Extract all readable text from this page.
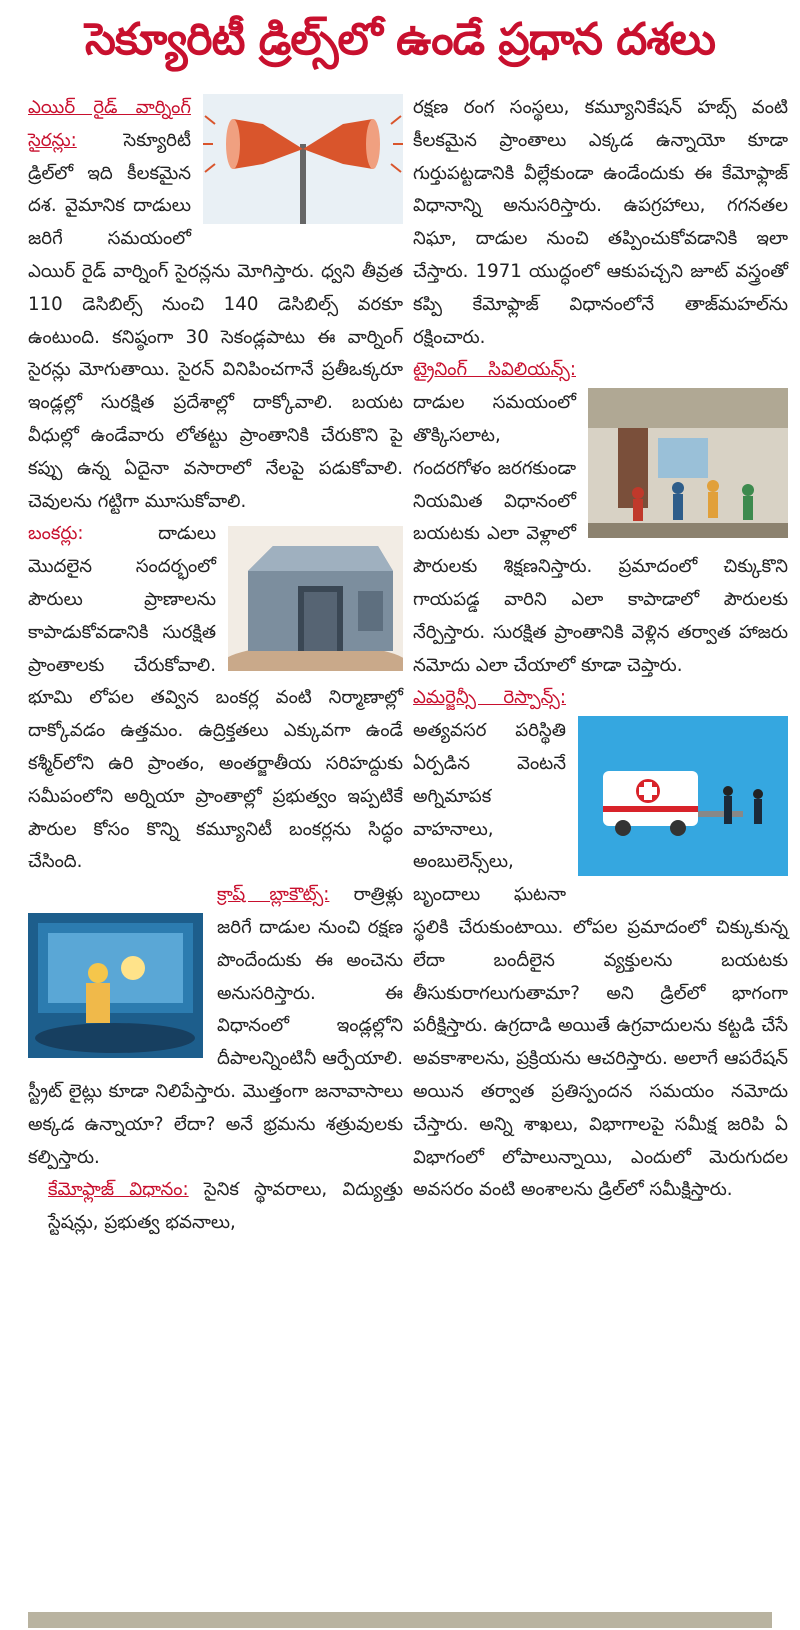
సెక్యూరిటీ డ్రిల్స్‌లో ఉండే ప్రధాన దశలు

ఎయిర్ రైడ్ వార్నింగ్ సైరన్లు:	సెక్యూరిటీ డ్రిల్‌లో ఇది కీలకమైన దశ. వైమానిక దాడులు జరిగే సమయంలో ఎయిర్ రైడ్ వార్నింగ్ సైరన్లను మోగిస్తారు. ధ్వని తీవ్రత 110 డెసిబిల్స్ నుంచి 140 డెసిబిల్స్ వరకూ ఉంటుంది. కనిష్ఠంగా 30 సెకండ్లపాటు ఈ వార్నింగ్ సైరన్లు మోగుతాయి. సైరన్ వినిపించగానే ప్రతీఒక్కరూ ఇండ్లల్లో సురక్షిత ప్రదేశాల్లో దాక్కోవాలి. బయట వీధుల్లో ఉండేవారు లోతట్టు ప్రాంతానికి చేరుకొని పై కప్పు ఉన్న ఏదైనా వసారాలో నేలపై పడుకోవాలి. చెవులను గట్టిగా మూసుకోవాలి.

బంకర్లు:	దాడులు మొదలైన సందర్భంలో పౌరులు ప్రాణాలను కాపాడుకోవడానికి సురక్షిత ప్రాంతాలకు చేరుకోవాలి. భూమి లోపల తవ్విన బంకర్ల వంటి నిర్మాణాల్లో దాక్కోవడం ఉత్తమం. ఉద్రిక్తతలు ఎక్కువగా ఉండే కశ్మీర్‌లోని ఉరి ప్రాంతం, అంతర్జాతీయ సరిహద్దుకు సమీపంలోని అర్నియా ప్రాంతాల్లో ప్రభుత్వం ఇప్పటికే పౌరుల కోసం కొన్ని కమ్యూనిటీ బంకర్లను సిద్ధం చేసింది.

క్రాష్ బ్లాకౌట్స్: రాత్రిళ్లు జరిగే దాడుల నుంచి రక్షణ పొందేందుకు ఈ అంచెను అనుసరిస్తారు. ఈ విధానంలో ఇండ్లల్లోని దీపాలన్నింటినీ ఆర్పేయాలి. స్ట్రీట్ లైట్లు కూడా నిలిపేస్తారు. మొత్తంగా జనావాసాలు అక్కడ ఉన్నాయా? లేదా? అనే భ్రమను శత్రువులకు కల్పిస్తారు.

కేమోఫ్లాజ్ విధానం: సైనిక స్థావరాలు, విద్యుత్తు స్టేషన్లు, ప్రభుత్వ భవనాలు,

రక్షణ రంగ సంస్థలు, కమ్యూనికేషన్ హబ్స్ వంటి కీలకమైన ప్రాంతాలు ఎక్కడ ఉన్నాయో కూడా గుర్తుపట్టడానికి వీల్లేకుండా ఉండేందుకు ఈ కేమోఫ్లాజ్ విధానాన్ని అనుసరిస్తారు. ఉపగ్రహాలు, గగనతల నిఘా, దాడుల నుంచి తప్పించుకోవడానికి ఇలా చేస్తారు. 1971 యుద్ధంలో ఆకుపచ్చని జూట్ వస్త్రంతో కప్పి కేమోఫ్లాజ్ విధానంలోనే తాజ్‌మహల్‌ను రక్షించారు.

ట్రైనింగ్ సివిలియన్స్: దాడుల సమయంలో తొక్కిసలాట, గందరగోళం జరగకుండా నియమిత విధానంలో బయటకు ఎలా వెళ్లాలో పౌరులకు శిక్షణనిస్తారు. ప్రమాదంలో చిక్కుకొని గాయపడ్డ వారిని ఎలా కాపాడాలో పౌరులకు నేర్పిస్తారు. సురక్షిత ప్రాంతానికి వెళ్లిన తర్వాత హాజరు నమోదు ఎలా చేయాలో కూడా చెప్తారు.

ఎమర్జెన్సీ రెస్పాన్స్: అత్యవసర పరిస్థితి ఏర్పడిన వెంటనే అగ్నిమాపక వాహనాలు, అంబులెన్స్‌లు, బృందాలు ఘటనా స్థలికి చేరుకుంటాయి. లోపల ప్రమాదంలో చిక్కుకున్న లేదా బందీలైన వ్యక్తులను బయటకు తీసుకురాగలుగుతామా? అని డ్రిల్‌లో భాగంగా పరీక్షిస్తారు. ఉగ్రదాడి అయితే ఉగ్రవాదులను కట్టడి చేసే అవకాశాలను, ప్రక్రియను ఆచరిస్తారు. అలాగే ఆపరేషన్ అయిన తర్వాత ప్రతిస్పందన సమయం నమోదు చేస్తారు. అన్ని శాఖలు, విభాగాలపై సమీక్ష జరిపి ఏ విభాగంలో లోపాలున్నాయి, ఎందులో మెరుగుదల అవసరం వంటి అంశాలను డ్రిల్‌లో సమీక్షిస్తారు.
